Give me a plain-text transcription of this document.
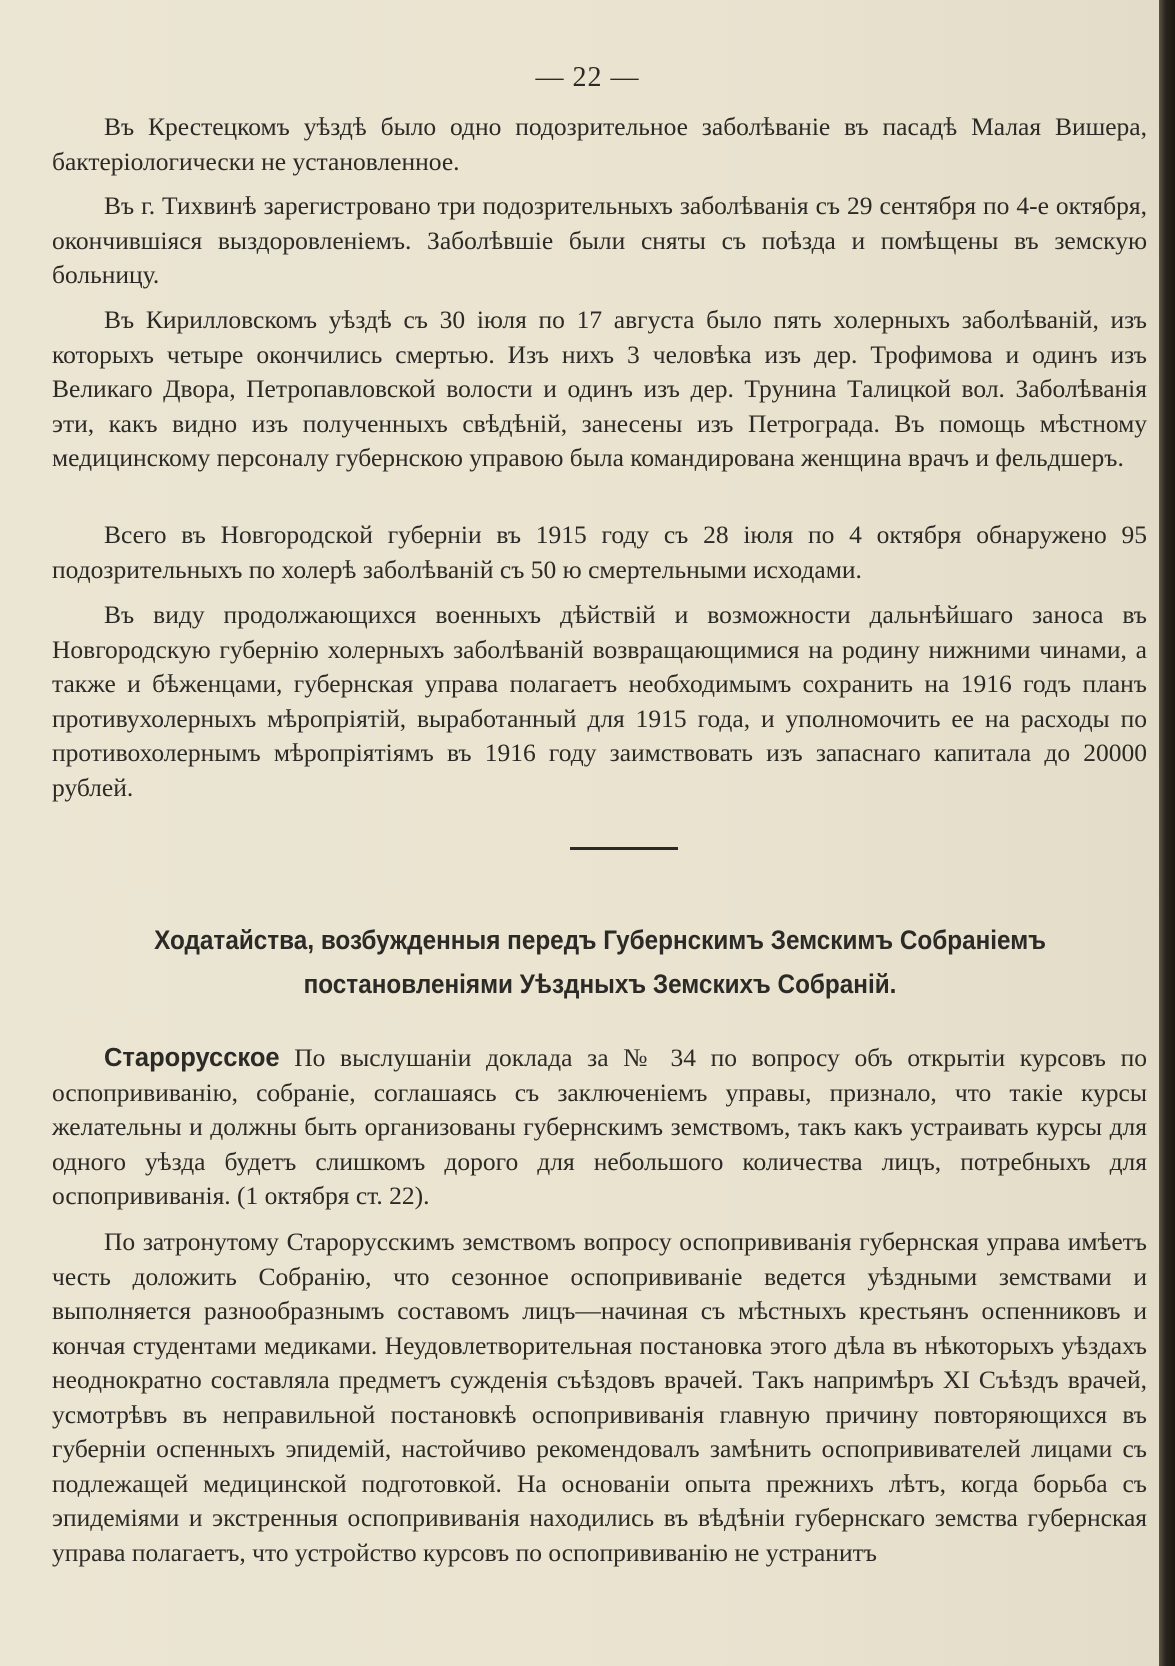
— 22 —
Въ Крестецкомъ уѣздѣ было одно подозрительное заболѣваніе въ пасадѣ Малая Вишера, бактеріологически не установленное.
Въ г. Тихвинѣ зарегистровано три подозрительныхъ заболѣванія съ 29 сентября по 4-е октября, окончившіяся выздоровленіемъ. Заболѣвшіе были сняты съ поѣзда и помѣщены въ земскую больницу.
Въ Кирилловскомъ уѣздѣ съ 30 іюля по 17 августа было пять холерныхъ заболѣваній, изъ которыхъ четыре окончились смертью. Изъ нихъ 3 человѣка изъ дер. Трофимова и одинъ изъ Великаго Двора, Петропавловской волости и одинъ изъ дер. Трунина Талицкой вол. Заболѣванія эти, какъ видно изъ полученныхъ свѣдѣній, занесены изъ Петрограда. Въ помощь мѣстному медицинскому персоналу губернскою управою была командирована женщина врачъ и фельдшеръ.
Всего въ Новгородской губерніи въ 1915 году съ 28 іюля по 4 октября обнаружено 95 подозрительныхъ по холерѣ заболѣваній съ 50 ю смертельными исходами.
Въ виду продолжающихся военныхъ дѣйствій и возможности дальнѣйшаго заноса въ Новгородскую губернію холерныхъ заболѣваній возвращающимися на родину нижними чинами, а также и бѣженцами, губернская управа полагаетъ необходимымъ сохранить на 1916 годъ планъ противухолерныхъ мѣропріятій, выработанный для 1915 года, и уполномочить ее на расходы по противохолернымъ мѣропріятіямъ въ 1916 году заимствовать изъ запаснаго капитала до 20000 рублей.
Ходатайства, возбужденныя передъ Губернскимъ Земскимъ Собраніемъ
постановленіями Уѣздныхъ Земскихъ Собраній.
Старорусское По выслушаніи доклада за № 34 по вопросу объ открытіи курсовъ по оспопрививанію, собраніе, соглашаясь съ заключеніемъ управы, признало, что такіе курсы желательны и должны быть организованы губернскимъ земствомъ, такъ какъ устраивать курсы для одного уѣзда будетъ слишкомъ дорого для небольшого количества лицъ, потребныхъ для оспопрививанія. (1 октября ст. 22).
По затронутому Старорусскимъ земствомъ вопросу оспопрививанія губернская управа имѣетъ честь доложить Собранію, что сезонное оспопрививаніе ведется уѣздными земствами и выполняется разнообразнымъ составомъ лицъ—начиная съ мѣстныхъ крестьянъ оспенниковъ и кончая студентами медиками. Неудовлетворительная постановка этого дѣла въ нѣкоторыхъ уѣздахъ неоднократно составляла предметъ сужденія съѣздовъ врачей. Такъ напримѣръ XI Съѣздъ врачей, усмотрѣвъ въ неправильной постановкѣ оспопрививанія главную причину повторяющихся въ губерніи оспенныхъ эпидемій, настойчиво рекомендовалъ замѣнить оспопрививателей лицами съ подлежащей медицинской подготовкой. На основаніи опыта прежнихъ лѣтъ, когда борьба съ эпидеміями и экстренныя оспопрививанія находились въ вѣдѣніи губернскаго земства губернская управа полагаетъ, что устройство курсовъ по оспопрививанію не устранитъ
